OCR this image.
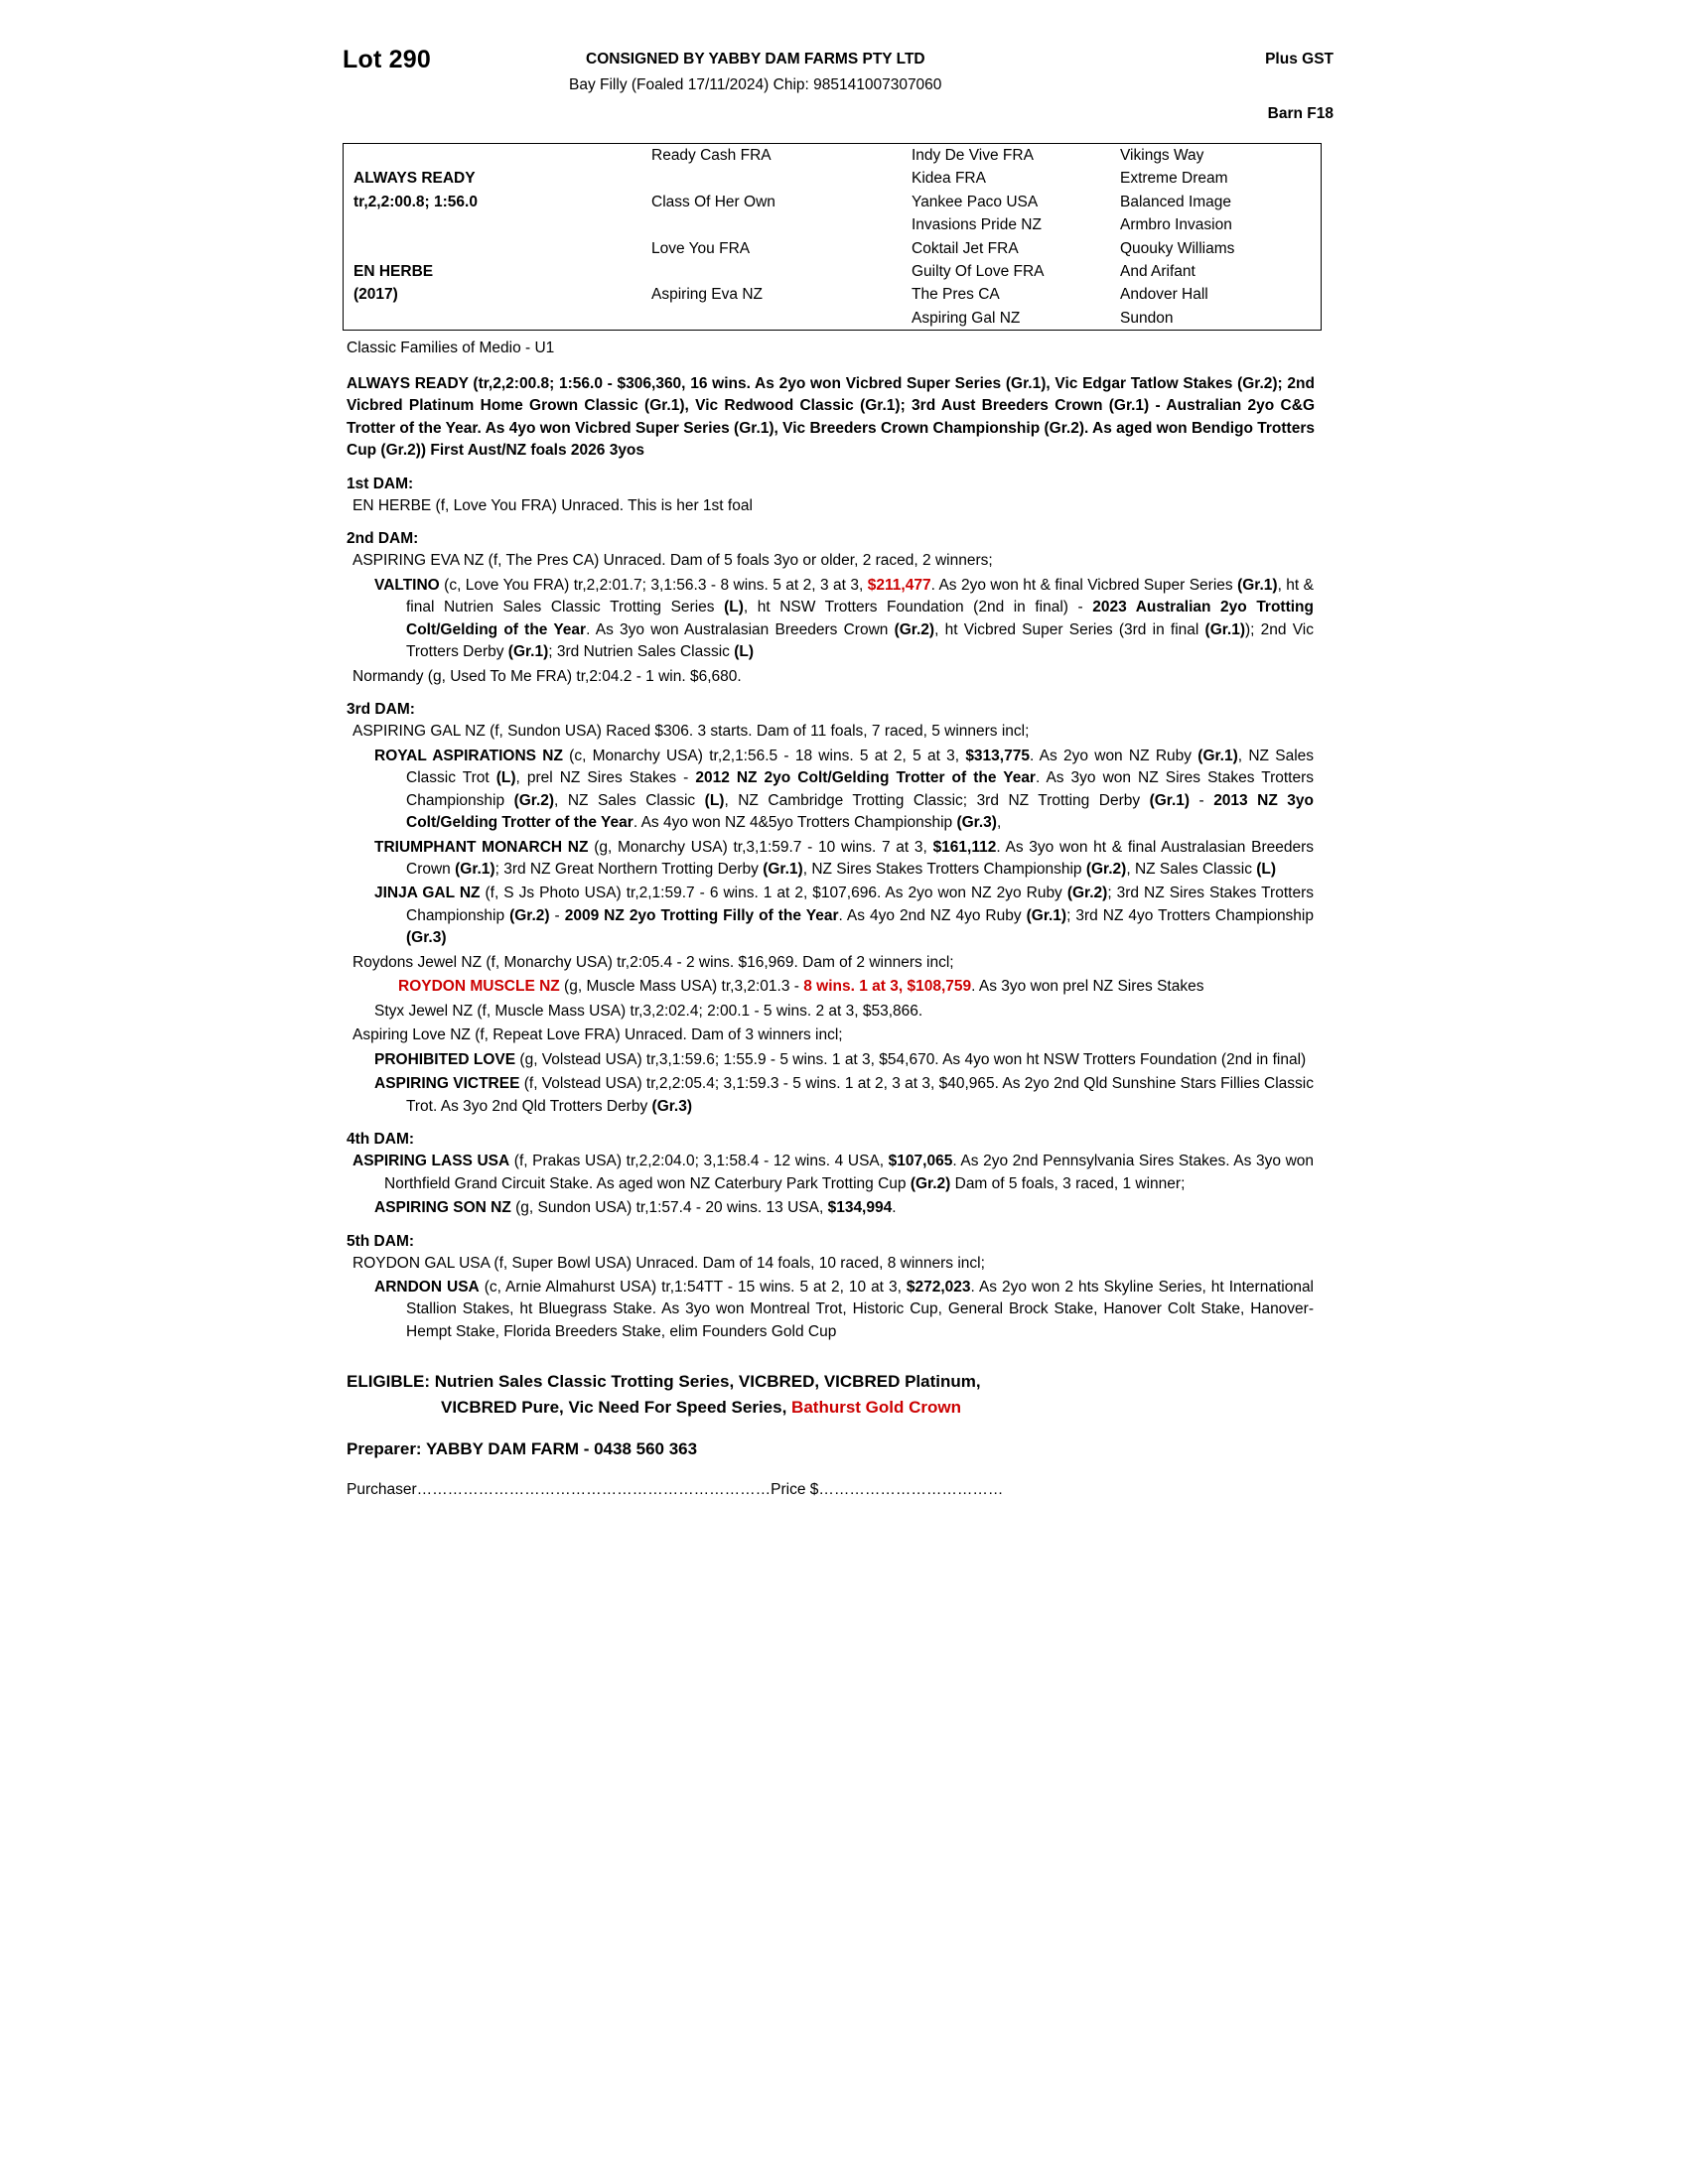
Lot 290	CONSIGNED BY YABBY DAM FARMS PTY LTD
Bay Filly (Foaled 17/11/2024) Chip: 985141007307060
Plus GST
Barn F18
	Ready Cash FRA	Indy De Vive FRA	Vikings Way
ALWAYS READY		Kidea FRA	Extreme Dream
tr,2,2:00.8; 1:56.0	Class Of Her Own	Yankee Paco USA	Balanced Image
		Invasions Pride NZ	Armbro Invasion
	Love You FRA	Coktail Jet FRA	Quouky Williams
EN HERBE		Guilty Of Love FRA	And Arifant
(2017)	Aspiring Eva NZ	The Pres CA	Andover Hall
		Aspiring Gal NZ	Sundon
Classic Families of Medio - U1
ALWAYS READY (tr,2,2:00.8; 1:56.0 - $306,360, 16 wins. As 2yo won Vicbred Super Series (Gr.1), Vic Edgar Tatlow Stakes (Gr.2); 2nd Vicbred Platinum Home Grown Classic (Gr.1), Vic Redwood Classic (Gr.1); 3rd Aust Breeders Crown (Gr.1) - Australian 2yo C&G Trotter of the Year. As 4yo won Vicbred Super Series (Gr.1), Vic Breeders Crown Championship (Gr.2). As aged won Bendigo Trotters Cup (Gr.2)) First Aust/NZ foals 2026 3yos
1st DAM:
EN HERBE (f, Love You FRA) Unraced. This is her 1st foal
2nd DAM:
ASPIRING EVA NZ (f, The Pres CA) Unraced. Dam of 5 foals 3yo or older, 2 raced, 2 winners;
VALTINO (c, Love You FRA) tr,2,2:01.7; 3,1:56.3 - 8 wins. 5 at 2, 3 at 3, $211,477. As 2yo won ht & final Vicbred Super Series (Gr.1), ht & final Nutrien Sales Classic Trotting Series (L), ht NSW Trotters Foundation (2nd in final) - 2023 Australian 2yo Trotting Colt/Gelding of the Year. As 3yo won Australasian Breeders Crown (Gr.2), ht Vicbred Super Series (3rd in final (Gr.1)); 2nd Vic Trotters Derby (Gr.1); 3rd Nutrien Sales Classic (L)
Normandy (g, Used To Me FRA) tr,2:04.2 - 1 win. $6,680.
3rd DAM:
ASPIRING GAL NZ (f, Sundon USA) Raced $306. 3 starts. Dam of 11 foals, 7 raced, 5 winners incl;
ROYAL ASPIRATIONS NZ (c, Monarchy USA) tr,2,1:56.5 - 18 wins. 5 at 2, 5 at 3, $313,775. As 2yo won NZ Ruby (Gr.1), NZ Sales Classic Trot (L), prel NZ Sires Stakes - 2012 NZ 2yo Colt/Gelding Trotter of the Year. As 3yo won NZ Sires Stakes Trotters Championship (Gr.2), NZ Sales Classic (L), NZ Cambridge Trotting Classic; 3rd NZ Trotting Derby (Gr.1) - 2013 NZ 3yo Colt/Gelding Trotter of the Year. As 4yo won NZ 4&5yo Trotters Championship (Gr.3),
TRIUMPHANT MONARCH NZ (g, Monarchy USA) tr,3,1:59.7 - 10 wins. 7 at 3, $161,112. As 3yo won ht & final Australasian Breeders Crown (Gr.1); 3rd NZ Great Northern Trotting Derby (Gr.1), NZ Sires Stakes Trotters Championship (Gr.2), NZ Sales Classic (L)
JINJA GAL NZ (f, S Js Photo USA) tr,2,1:59.7 - 6 wins. 1 at 2, $107,696. As 2yo won NZ 2yo Ruby (Gr.2); 3rd NZ Sires Stakes Trotters Championship (Gr.2) - 2009 NZ 2yo Trotting Filly of the Year. As 4yo 2nd NZ 4yo Ruby (Gr.1); 3rd NZ 4yo Trotters Championship (Gr.3)
Roydons Jewel NZ (f, Monarchy USA) tr,2:05.4 - 2 wins. $16,969. Dam of 2 winners incl;
ROYDON MUSCLE NZ (g, Muscle Mass USA) tr,3,2:01.3 - 8 wins. 1 at 3, $108,759. As 3yo won prel NZ Sires Stakes
Styx Jewel NZ (f, Muscle Mass USA) tr,3,2:02.4; 2:00.1 - 5 wins. 2 at 3, $53,866.
Aspiring Love NZ (f, Repeat Love FRA) Unraced. Dam of 3 winners incl;
PROHIBITED LOVE (g, Volstead USA) tr,3,1:59.6; 1:55.9 - 5 wins. 1 at 3, $54,670. As 4yo won ht NSW Trotters Foundation (2nd in final)
ASPIRING VICTREE (f, Volstead USA) tr,2,2:05.4; 3,1:59.3 - 5 wins. 1 at 2, 3 at 3, $40,965. As 2yo 2nd Qld Sunshine Stars Fillies Classic Trot. As 3yo 2nd Qld Trotters Derby (Gr.3)
4th DAM:
ASPIRING LASS USA (f, Prakas USA) tr,2,2:04.0; 3,1:58.4 - 12 wins. 4 USA, $107,065. As 2yo 2nd Pennsylvania Sires Stakes. As 3yo won Northfield Grand Circuit Stake. As aged won NZ Caterbury Park Trotting Cup (Gr.2) Dam of 5 foals, 3 raced, 1 winner;
ASPIRING SON NZ (g, Sundon USA) tr,1:57.4 - 20 wins. 13 USA, $134,994.
5th DAM:
ROYDON GAL USA (f, Super Bowl USA) Unraced. Dam of 14 foals, 10 raced, 8 winners incl;
ARNDON USA (c, Arnie Almahurst USA) tr,1:54TT - 15 wins. 5 at 2, 10 at 3, $272,023. As 2yo won 2 hts Skyline Series, ht International Stallion Stakes, ht Bluegrass Stake. As 3yo won Montreal Trot, Historic Cup, General Brock Stake, Hanover Colt Stake, Hanover-Hempt Stake, Florida Breeders Stake, elim Founders Gold Cup
ELIGIBLE: Nutrien Sales Classic Trotting Series, VICBRED, VICBRED Platinum,
VICBRED Pure, Vic Need For Speed Series, Bathurst Gold Crown
Preparer: YABBY DAM FARM - 0438 560 363
Purchaser……………………………………………………………Price $………………………………
